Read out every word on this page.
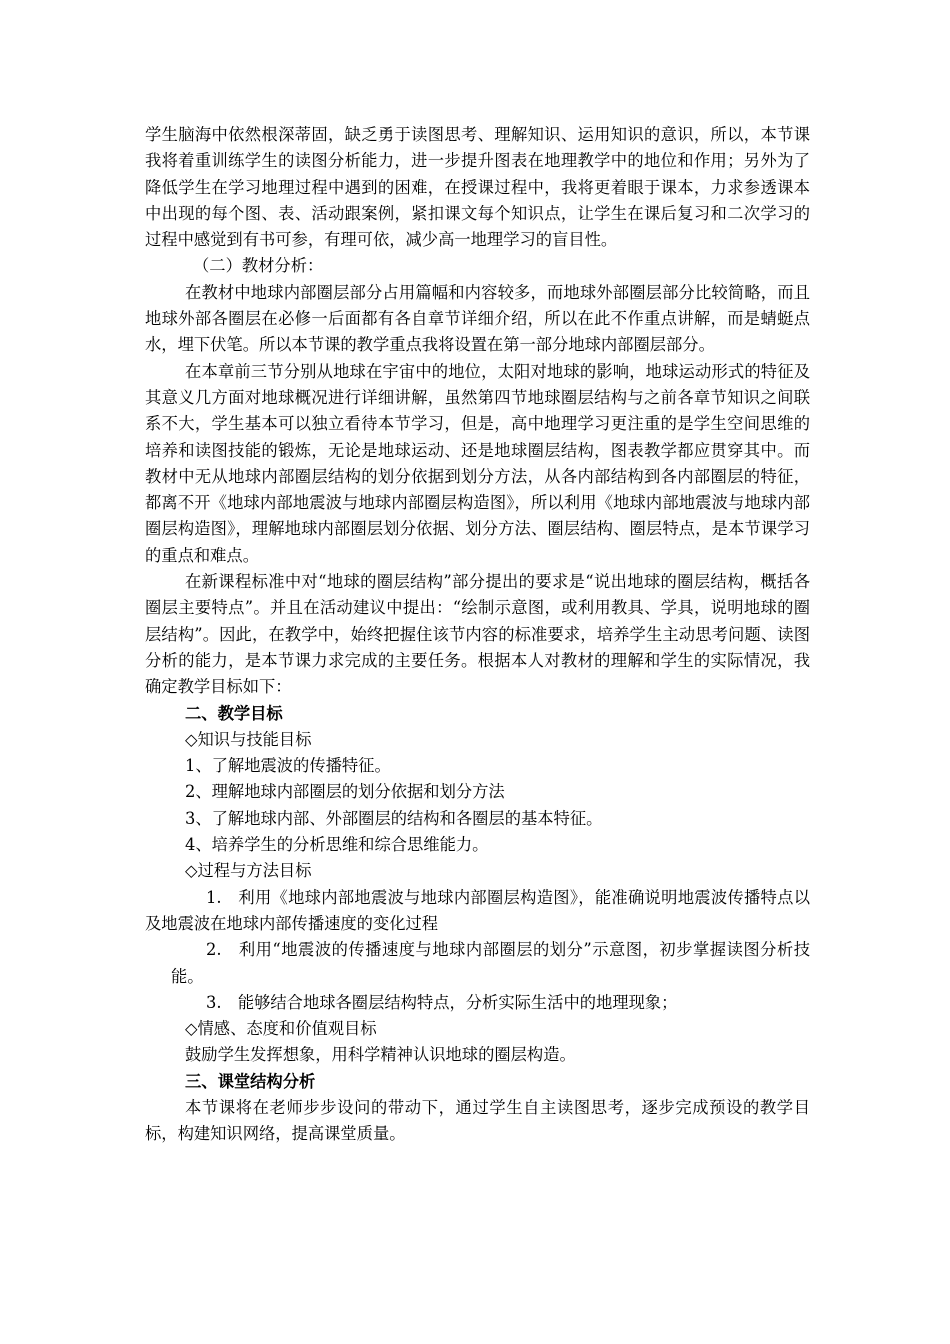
学生脑海中依然根深蒂固，缺乏勇于读图思考、理解知识、运用知识的意识，所以，本节课我将着重训练学生的读图分析能力，进一步提升图表在地理教学中的地位和作用；另外为了降低学生在学习地理过程中遇到的困难，在授课过程中，我将更着眼于课本，力求参透课本中出现的每个图、表、活动跟案例，紧扣课文每个知识点，让学生在课后复习和二次学习的过程中感觉到有书可参，有理可依，减少高一地理学习的盲目性。

（二）教材分析：

在教材中地球内部圈层部分占用篇幅和内容较多，而地球外部圈层部分比较简略，而且地球外部各圈层在必修一后面都有各自章节详细介绍，所以在此不作重点讲解，而是蜻蜓点水，埋下伏笔。所以本节课的教学重点我将设置在第一部分地球内部圈层部分。

在本章前三节分别从地球在宇宙中的地位，太阳对地球的影响，地球运动形式的特征及其意义几方面对地球概况进行详细讲解，虽然第四节地球圈层结构与之前各章节知识之间联系不大，学生基本可以独立看待本节学习，但是，高中地理学习更注重的是学生空间思维的培养和读图技能的锻炼，无论是地球运动、还是地球圈层结构，图表教学都应贯穿其中。而教材中无从地球内部圈层结构的划分依据到划分方法，从各内部结构到各内部圈层的特征，都离不开《地球内部地震波与地球内部圈层构造图》，所以利用《地球内部地震波与地球内部圈层构造图》，理解地球内部圈层划分依据、划分方法、圈层结构、圈层特点，是本节课学习的重点和难点。

在新课程标准中对“地球的圈层结构”部分提出的要求是“说出地球的圈层结构，概括各圈层主要特点”。并且在活动建议中提出：“绘制示意图，或利用教具、学具，说明地球的圈层结构”。因此，在教学中，始终把握住该节内容的标准要求，培养学生主动思考问题、读图分析的能力，是本节课力求完成的主要任务。根据本人对教材的理解和学生的实际情况，我确定教学目标如下：

二、教学目标

◇知识与技能目标

1、了解地震波的传播特征。

2、理解地球内部圈层的划分依据和划分方法

3、了解地球内部、外部圈层的结构和各圈层的基本特征。

4、培养学生的分析思维和综合思维能力。

◇过程与方法目标

1.　利用《地球内部地震波与地球内部圈层构造图》，能准确说明地震波传播特点以及地震波在地球内部传播速度的变化过程

2.　利用“地震波的传播速度与地球内部圈层的划分”示意图，初步掌握读图分析技能。

3.　能够结合地球各圈层结构特点，分析实际生活中的地理现象；

◇情感、态度和价值观目标

鼓励学生发挥想象，用科学精神认识地球的圈层构造。

三、课堂结构分析

本节课将在老师步步设问的带动下，通过学生自主读图思考，逐步完成预设的教学目标，构建知识网络，提高课堂质量。
